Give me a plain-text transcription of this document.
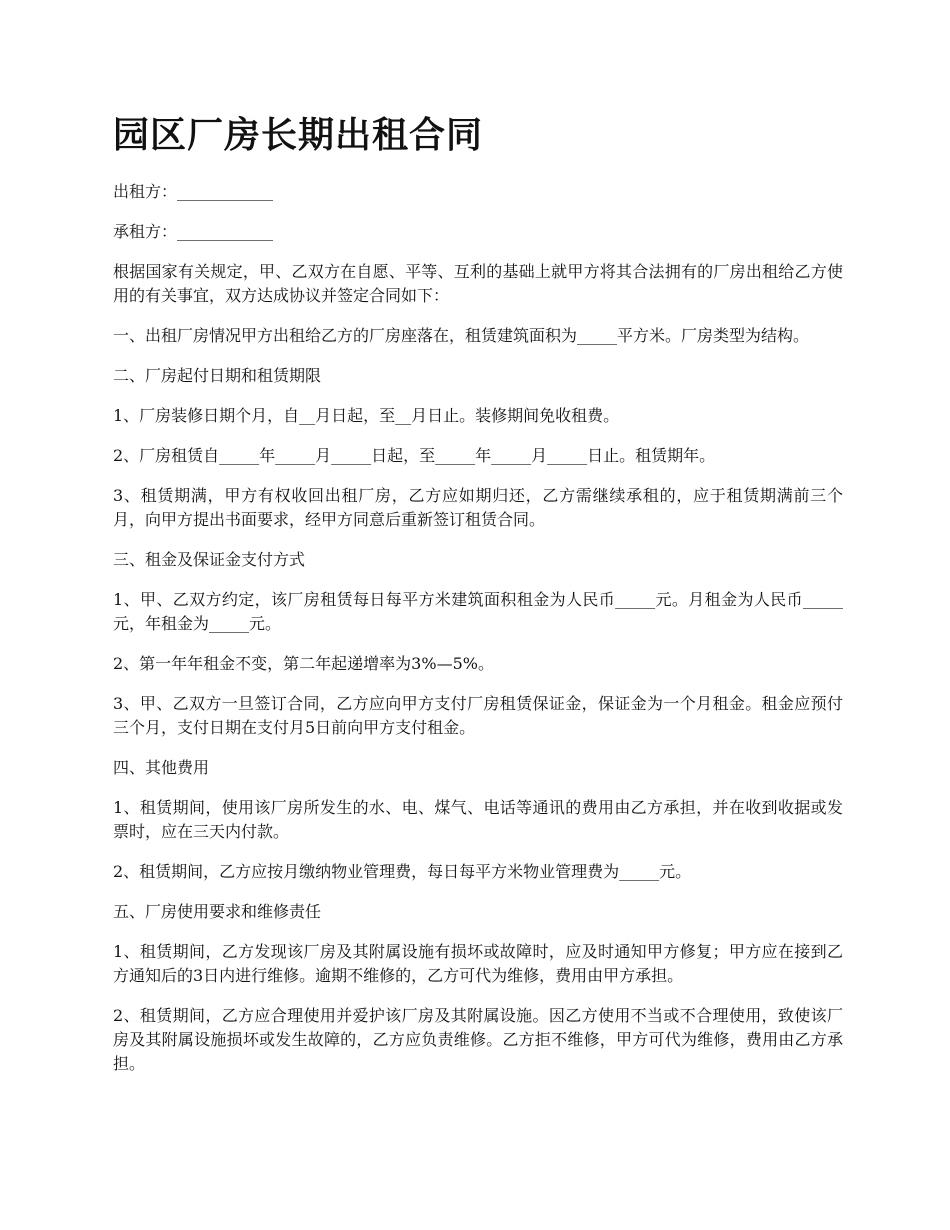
园区厂房长期出租合同

出租方：____________

承租方：____________

根据国家有关规定，甲、乙双方在自愿、平等、互利的基础上就甲方将其合法拥有的厂房出租给乙方使用的有关事宜，双方达成协议并签定合同如下：

一、出租厂房情况甲方出租给乙方的厂房座落在，租赁建筑面积为_____平方米。厂房类型为结构。

二、厂房起付日期和租赁期限

1、厂房装修日期个月，自__月日起，至__月日止。装修期间免收租费。

2、厂房租赁自_____年_____月_____日起，至_____年_____月_____日止。租赁期年。

3、租赁期满，甲方有权收回出租厂房，乙方应如期归还，乙方需继续承租的，应于租赁期满前三个月，向甲方提出书面要求，经甲方同意后重新签订租赁合同。

三、租金及保证金支付方式

1、甲、乙双方约定，该厂房租赁每日每平方米建筑面积租金为人民币_____元。月租金为人民币_____元，年租金为_____元。

2、第一年年租金不变，第二年起递增率为3%—5%。

3、甲、乙双方一旦签订合同，乙方应向甲方支付厂房租赁保证金，保证金为一个月租金。租金应预付三个月，支付日期在支付月5日前向甲方支付租金。

四、其他费用

1、租赁期间，使用该厂房所发生的水、电、煤气、电话等通讯的费用由乙方承担，并在收到收据或发票时，应在三天内付款。

2、租赁期间，乙方应按月缴纳物业管理费，每日每平方米物业管理费为_____元。

五、厂房使用要求和维修责任

1、租赁期间，乙方发现该厂房及其附属设施有损坏或故障时，应及时通知甲方修复；甲方应在接到乙方通知后的3日内进行维修。逾期不维修的，乙方可代为维修，费用由甲方承担。

2、租赁期间，乙方应合理使用并爱护该厂房及其附属设施。因乙方使用不当或不合理使用，致使该厂房及其附属设施损坏或发生故障的，乙方应负责维修。乙方拒不维修，甲方可代为维修，费用由乙方承担。
